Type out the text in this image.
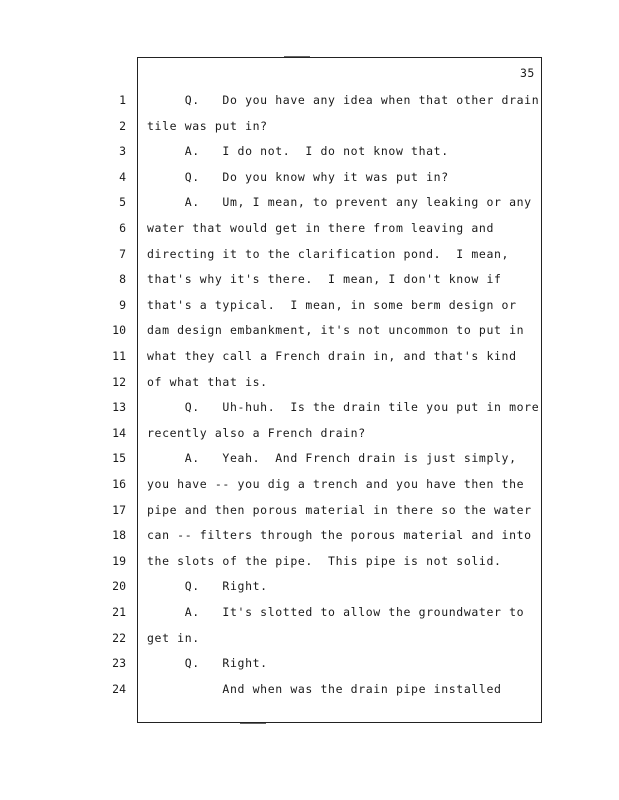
35
1 Q.   Do you have any idea when that other drain
2 tile was put in?
3 A.   I do not.  I do not know that.
4 Q.   Do you know why it was put in?
5 A.   Um, I mean, to prevent any leaking or any
6 water that would get in there from leaving and
7 directing it to the clarification pond.  I mean,
8 that's why it's there.  I mean, I don't know if
9 that's a typical.  I mean, in some berm design or
10 dam design embankment, it's not uncommon to put in
11 what they call a French drain in, and that's kind
12 of what that is.
13 Q.   Uh-huh.  Is the drain tile you put in more
14 recently also a French drain?
15 A.   Yeah.  And French drain is just simply,
16 you have -- you dig a trench and you have then the
17 pipe and then porous material in there so the water
18 can -- filters through the porous material and into
19 the slots of the pipe.  This pipe is not solid.
20 Q.   Right.
21 A.   It's slotted to allow the groundwater to
22 get in.
23 Q.   Right.
24 And when was the drain pipe installed
